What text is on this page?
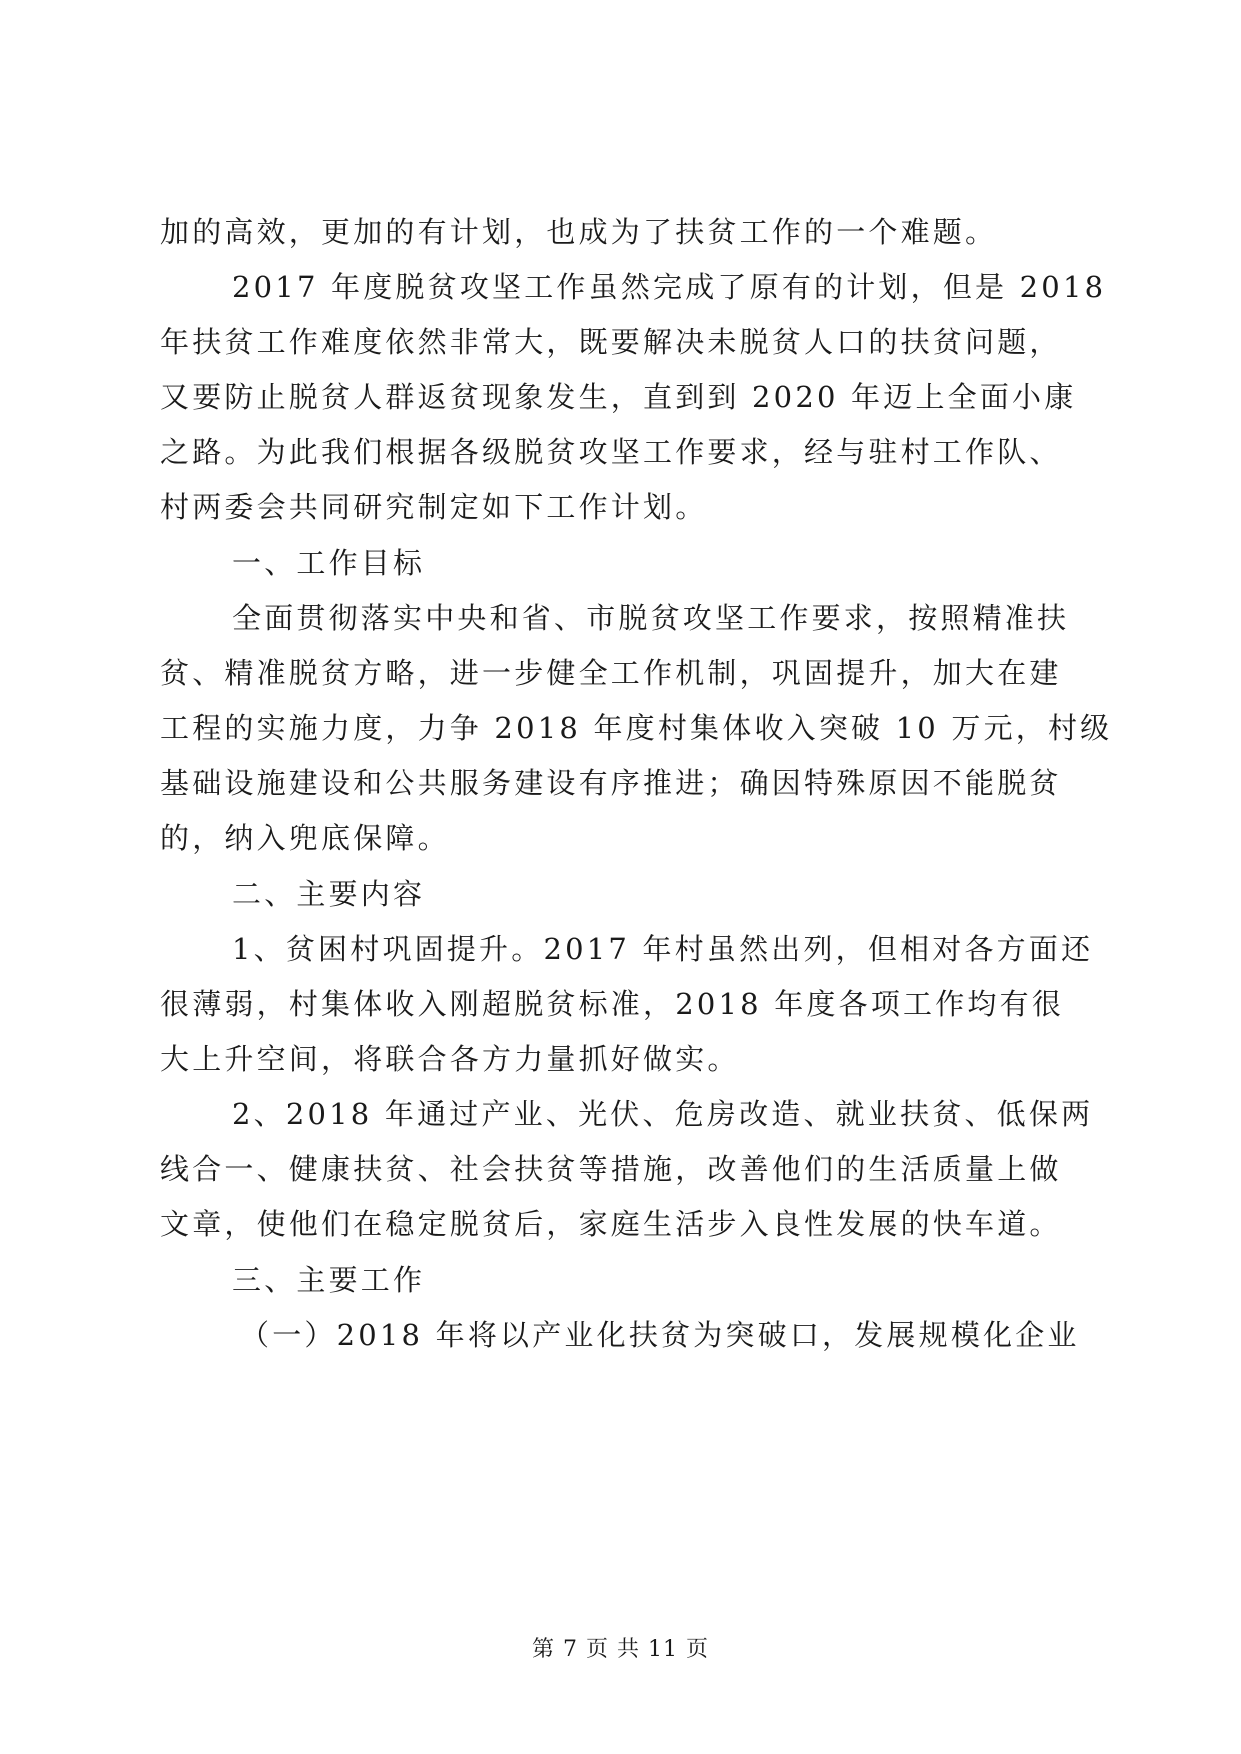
加的高效，更加的有计划，也成为了扶贫工作的一个难题。
2017 年度脱贫攻坚工作虽然完成了原有的计划，但是 2018
年扶贫工作难度依然非常大，既要解决未脱贫人口的扶贫问题，
又要防止脱贫人群返贫现象发生，直到到 2020 年迈上全面小康
之路。为此我们根据各级脱贫攻坚工作要求，经与驻村工作队、
村两委会共同研究制定如下工作计划。
一、工作目标
全面贯彻落实中央和省、市脱贫攻坚工作要求，按照精准扶
贫、精准脱贫方略，进一步健全工作机制，巩固提升，加大在建
工程的实施力度，力争 2018 年度村集体收入突破 10 万元，村级
基础设施建设和公共服务建设有序推进；确因特殊原因不能脱贫
的，纳入兜底保障。
二、主要内容
1、贫困村巩固提升。2017 年村虽然出列，但相对各方面还
很薄弱，村集体收入刚超脱贫标准，2018 年度各项工作均有很
大上升空间，将联合各方力量抓好做实。
2、2018 年通过产业、光伏、危房改造、就业扶贫、低保两
线合一、健康扶贫、社会扶贫等措施，改善他们的生活质量上做
文章，使他们在稳定脱贫后，家庭生活步入良性发展的快车道。
三、主要工作
（一）2018 年将以产业化扶贫为突破口，发展规模化企业
第 7 页 共 11 页
